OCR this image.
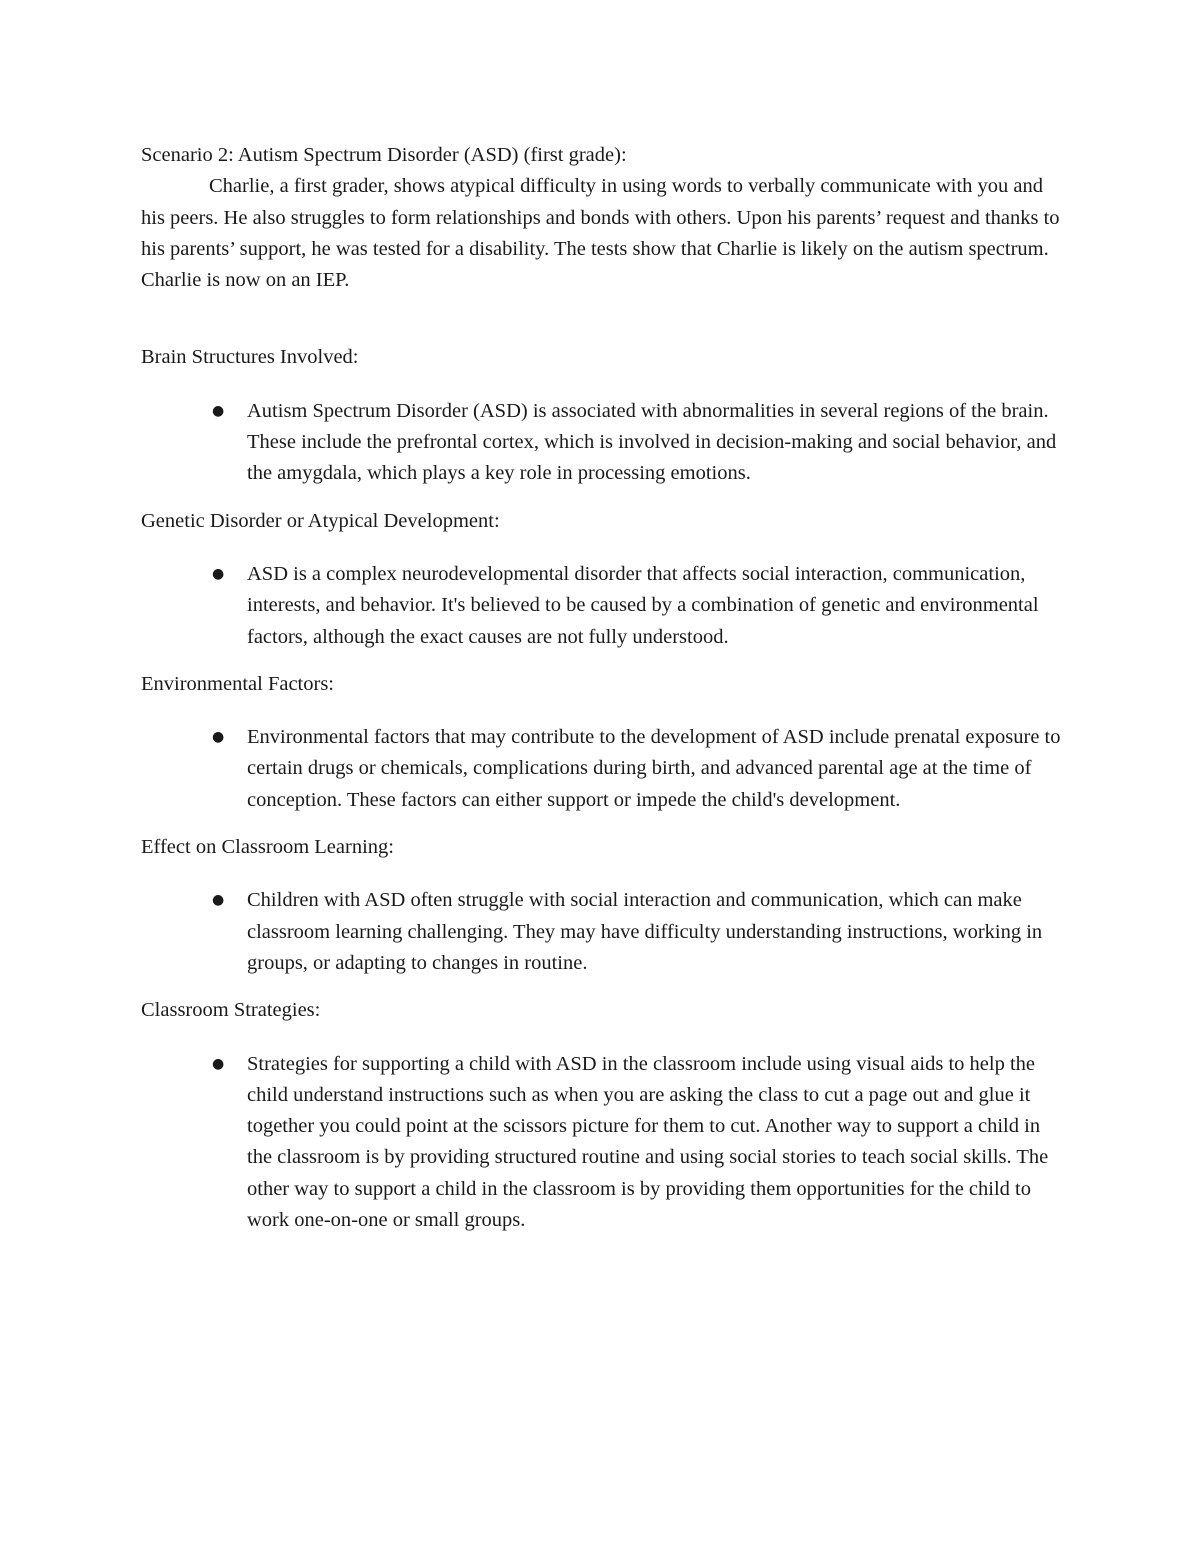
Scenario 2: Autism Spectrum Disorder (ASD) (first grade):

Charlie, a first grader, shows atypical difficulty in using words to verbally communicate with you and his peers. He also struggles to form relationships and bonds with others. Upon his parents’ request and thanks to his parents’ support, he was tested for a disability. The tests show that Charlie is likely on the autism spectrum. Charlie is now on an IEP.

Brain Structures Involved:

● Autism Spectrum Disorder (ASD) is associated with abnormalities in several regions of the brain. These include the prefrontal cortex, which is involved in decision-making and social behavior, and the amygdala, which plays a key role in processing emotions.

Genetic Disorder or Atypical Development:

● ASD is a complex neurodevelopmental disorder that affects social interaction, communication, interests, and behavior. It's believed to be caused by a combination of genetic and environmental factors, although the exact causes are not fully understood.

Environmental Factors:

● Environmental factors that may contribute to the development of ASD include prenatal exposure to certain drugs or chemicals, complications during birth, and advanced parental age at the time of conception. These factors can either support or impede the child's development.

Effect on Classroom Learning:

● Children with ASD often struggle with social interaction and communication, which can make classroom learning challenging. They may have difficulty understanding instructions, working in groups, or adapting to changes in routine.

Classroom Strategies:

● Strategies for supporting a child with ASD in the classroom include using visual aids to help the child understand instructions such as when you are asking the class to cut a page out and glue it together you could point at the scissors picture for them to cut. Another way to support a child in the classroom is by providing structured routine and using social stories to teach social skills. The other way to support a child in the classroom is by providing them opportunities for the child to work one-on-one or small groups.
